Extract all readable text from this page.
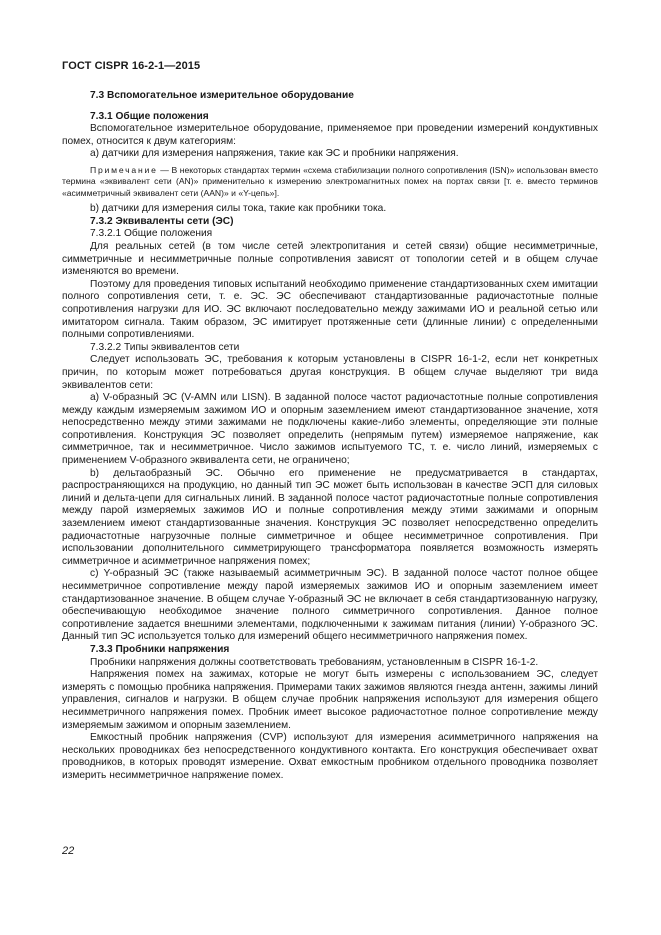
ГОСТ CISPR 16-2-1—2015

7.3 Вспомогательное измерительное оборудование

7.3.1 Общие положения

Вспомогательное измерительное оборудование, применяемое при проведении измерений кондуктивных помех, относится к двум категориям:

а) датчики для измерения напряжения, такие как ЭС и пробники напряжения.

Примечание — В некоторых стандартах термин «схема стабилизации полного сопротивления (ISN)» использован вместо термина «эквивалент сети (AN)» применительно к измерению электромагнитных помех на портах связи [т. е. вместо терминов «асимметричный эквивалент сети (AAN)» и «Y-цепь»].

b) датчики для измерения силы тока, такие как пробники тока.

7.3.2 Эквиваленты сети (ЭС)

7.3.2.1 Общие положения

Для реальных сетей (в том числе сетей электропитания и сетей связи) общие несимметричные, симметричные и несимметричные полные сопротивления зависят от топологии сетей и в общем случае изменяются во времени.

Поэтому для проведения типовых испытаний необходимо применение стандартизованных схем имитации полного сопротивления сети, т. е. ЭС. ЭС обеспечивают стандартизованные радиочастотные полные сопротивления нагрузки для ИО. ЭС включают последовательно между зажимами ИО и реальной сетью или имитатором сигнала. Таким образом, ЭС имитирует протяженные сети (длинные линии) с определенными полными сопротивлениями.

7.3.2.2 Типы эквивалентов сети

Следует использовать ЭС, требования к которым установлены в CISPR 16-1-2, если нет конкретных причин, по которым может потребоваться другая конструкция. В общем случае выделяют три вида эквивалентов сети:

а) V-образный ЭС (V-AMN или LISN). В заданной полосе частот радиочастотные полные сопротивления между каждым измеряемым зажимом ИО и опорным заземлением имеют стандартизованное значение, хотя непосредственно между этими зажимами не подключены какие-либо элементы, определяющие эти полные сопротивления. Конструкция ЭС позволяет определить (непрямым путем) измеряемое напряжение, как симметричное, так и несимметричное. Число зажимов испытуемого ТС, т. е. число линий, измеряемых с применением V-образного эквивалента сети, не ограничено;

b) дельтаобразный ЭС. Обычно его применение не предусматривается в стандартах, распространяющихся на продукцию, но данный тип ЭС может быть использован в качестве ЭСП для силовых линий и дельта-цепи для сигнальных линий. В заданной полосе частот радиочастотные полные сопротивления между парой измеряемых зажимов ИО и полные сопротивления между этими зажимами и опорным заземлением имеют стандартизованные значения. Конструкция ЭС позволяет непосредственно определить радиочастотные нагрузочные полные симметричное и общее несимметричное сопротивления. При использовании дополнительного симметрирующего трансформатора появляется возможность измерять симметричное и асимметричное напряжения помех;

с) Y-образный ЭС (также называемый асимметричным ЭС). В заданной полосе частот полное общее несимметричное сопротивление между парой измеряемых зажимов ИО и опорным заземлением имеет стандартизованное значение. В общем случае Y-образный ЭС не включает в себя стандартизованную нагрузку, обеспечивающую необходимое значение полного симметричного сопротивления. Данное полное сопротивление задается внешними элементами, подключенными к зажимам питания (линии) Y-образного ЭС. Данный тип ЭС используется только для измерений общего несимметричного напряжения помех.

7.3.3 Пробники напряжения

Пробники напряжения должны соответствовать требованиям, установленным в CISPR 16-1-2.

Напряжения помех на зажимах, которые не могут быть измерены с использованием ЭС, следует измерять с помощью пробника напряжения. Примерами таких зажимов являются гнезда антенн, зажимы линий управления, сигналов и нагрузки. В общем случае пробник напряжения используют для измерения общего несимметричного напряжения помех. Пробник имеет высокое радиочастотное полное сопротивление между измеряемым зажимом и опорным заземлением.

Емкостный пробник напряжения (CVP) используют для измерения асимметричного напряжения на нескольких проводниках без непосредственного кондуктивного контакта. Его конструкция обеспечивает охват проводников, в которых проводят измерение. Охват емкостным пробником отдельного проводника позволяет измерить несимметричное напряжение помех.

22
